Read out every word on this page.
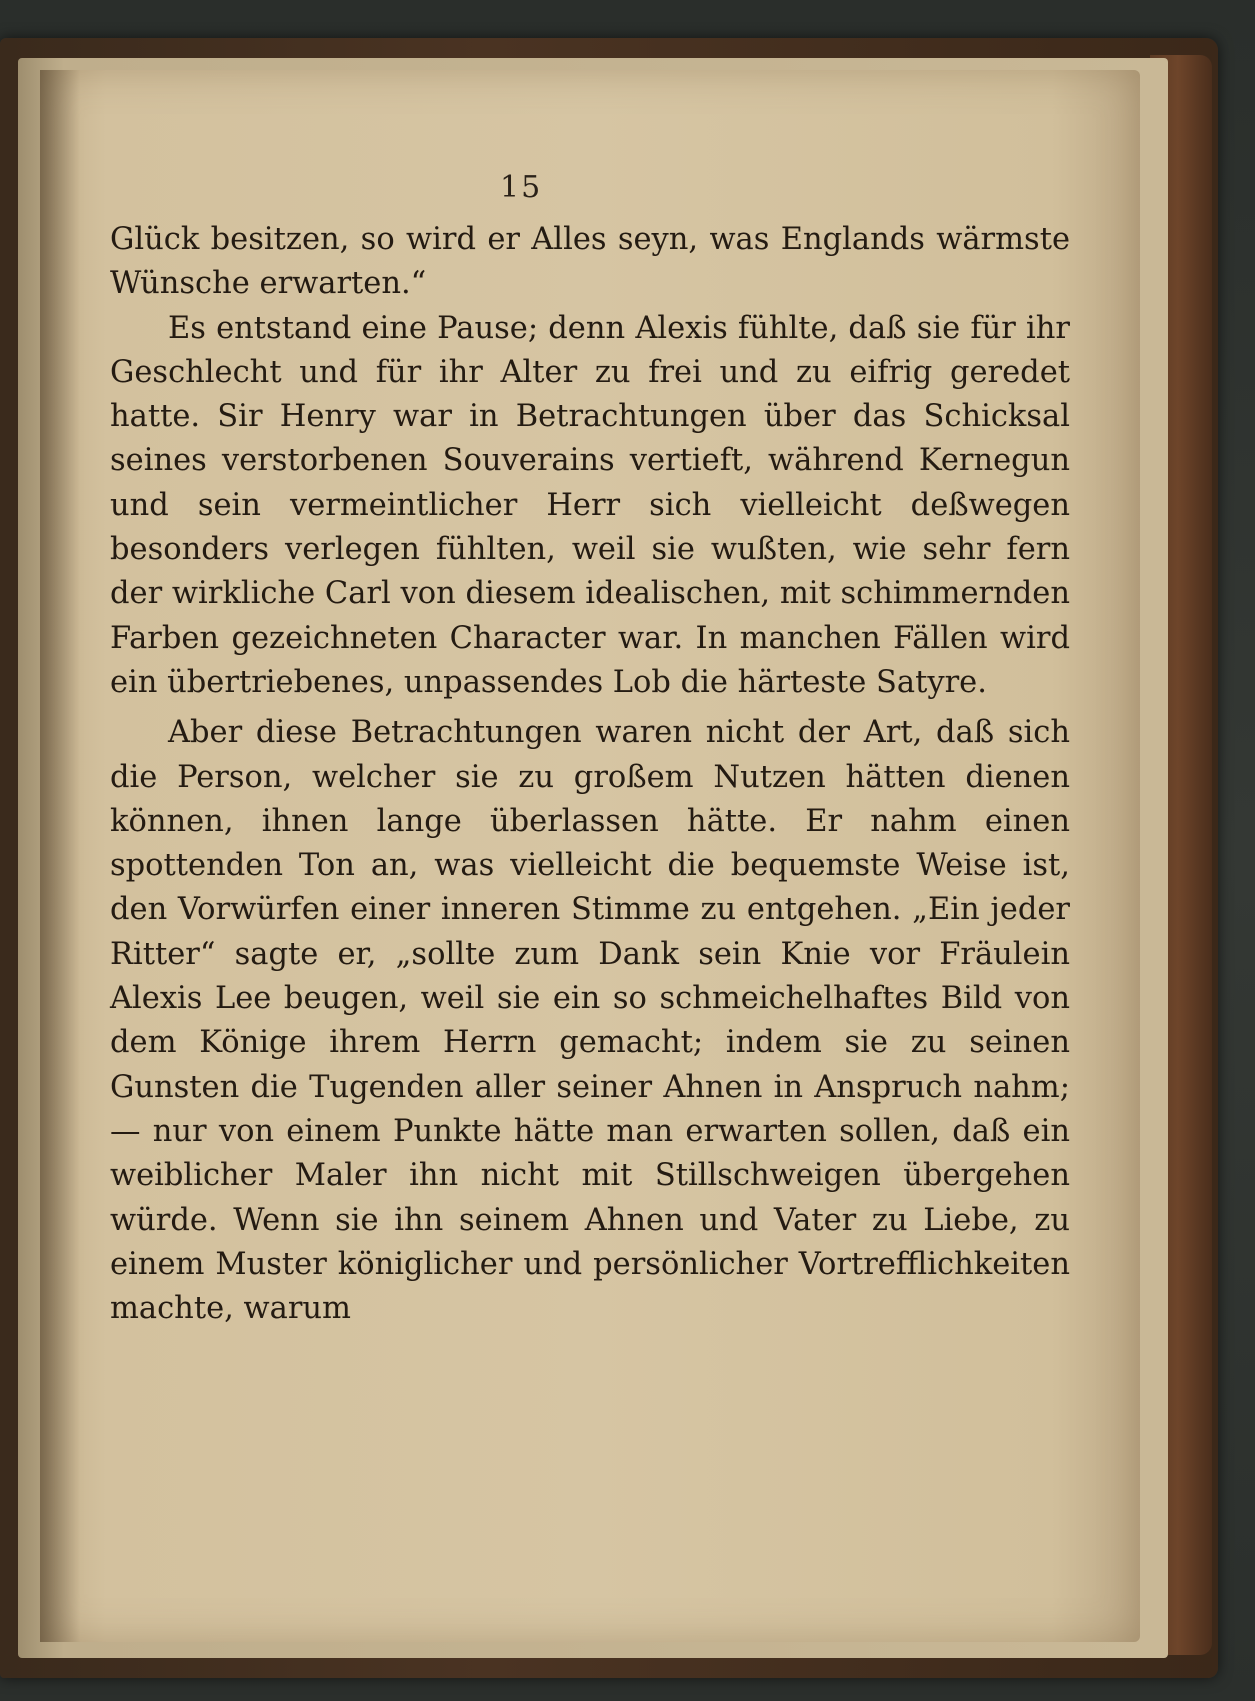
15

Glück besitzen, so wird er Alles seyn, was Englands wärmste Wünsche erwarten.“

Es entstand eine Pause; denn Alexis fühlte, daß sie für ihr Geschlecht und für ihr Alter zu frei und zu eifrig geredet hatte. Sir Henry war in Betrachtungen über das Schicksal seines verstorbenen Souverains vertieft, während Kernegun und sein vermeintlicher Herr sich vielleicht deßwegen besonders verlegen fühlten, weil sie wußten, wie sehr fern der wirkliche Carl von diesem idealischen, mit schimmernden Farben gezeichneten Character war. In manchen Fällen wird ein übertriebenes, unpassendes Lob die härteste Satyre.

Aber diese Betrachtungen waren nicht der Art, daß sich die Person, welcher sie zu großem Nutzen hätten dienen können, ihnen lange überlassen hätte. Er nahm einen spottenden Ton an, was vielleicht die bequemste Weise ist, den Vorwürfen einer inneren Stimme zu entgehen. „Ein jeder Ritter“ sagte er, „sollte zum Dank sein Knie vor Fräulein Alexis Lee beugen, weil sie ein so schmeichelhaftes Bild von dem Könige ihrem Herrn gemacht; indem sie zu seinen Gunsten die Tugenden aller seiner Ahnen in Anspruch nahm; — nur von einem Punkte hätte man erwarten sollen, daß ein weiblicher Maler ihn nicht mit Stillschweigen übergehen würde. Wenn sie ihn seinem Ahnen und Vater zu Liebe, zu einem Muster königlicher und persönlicher Vortrefflichkeiten machte, warum
